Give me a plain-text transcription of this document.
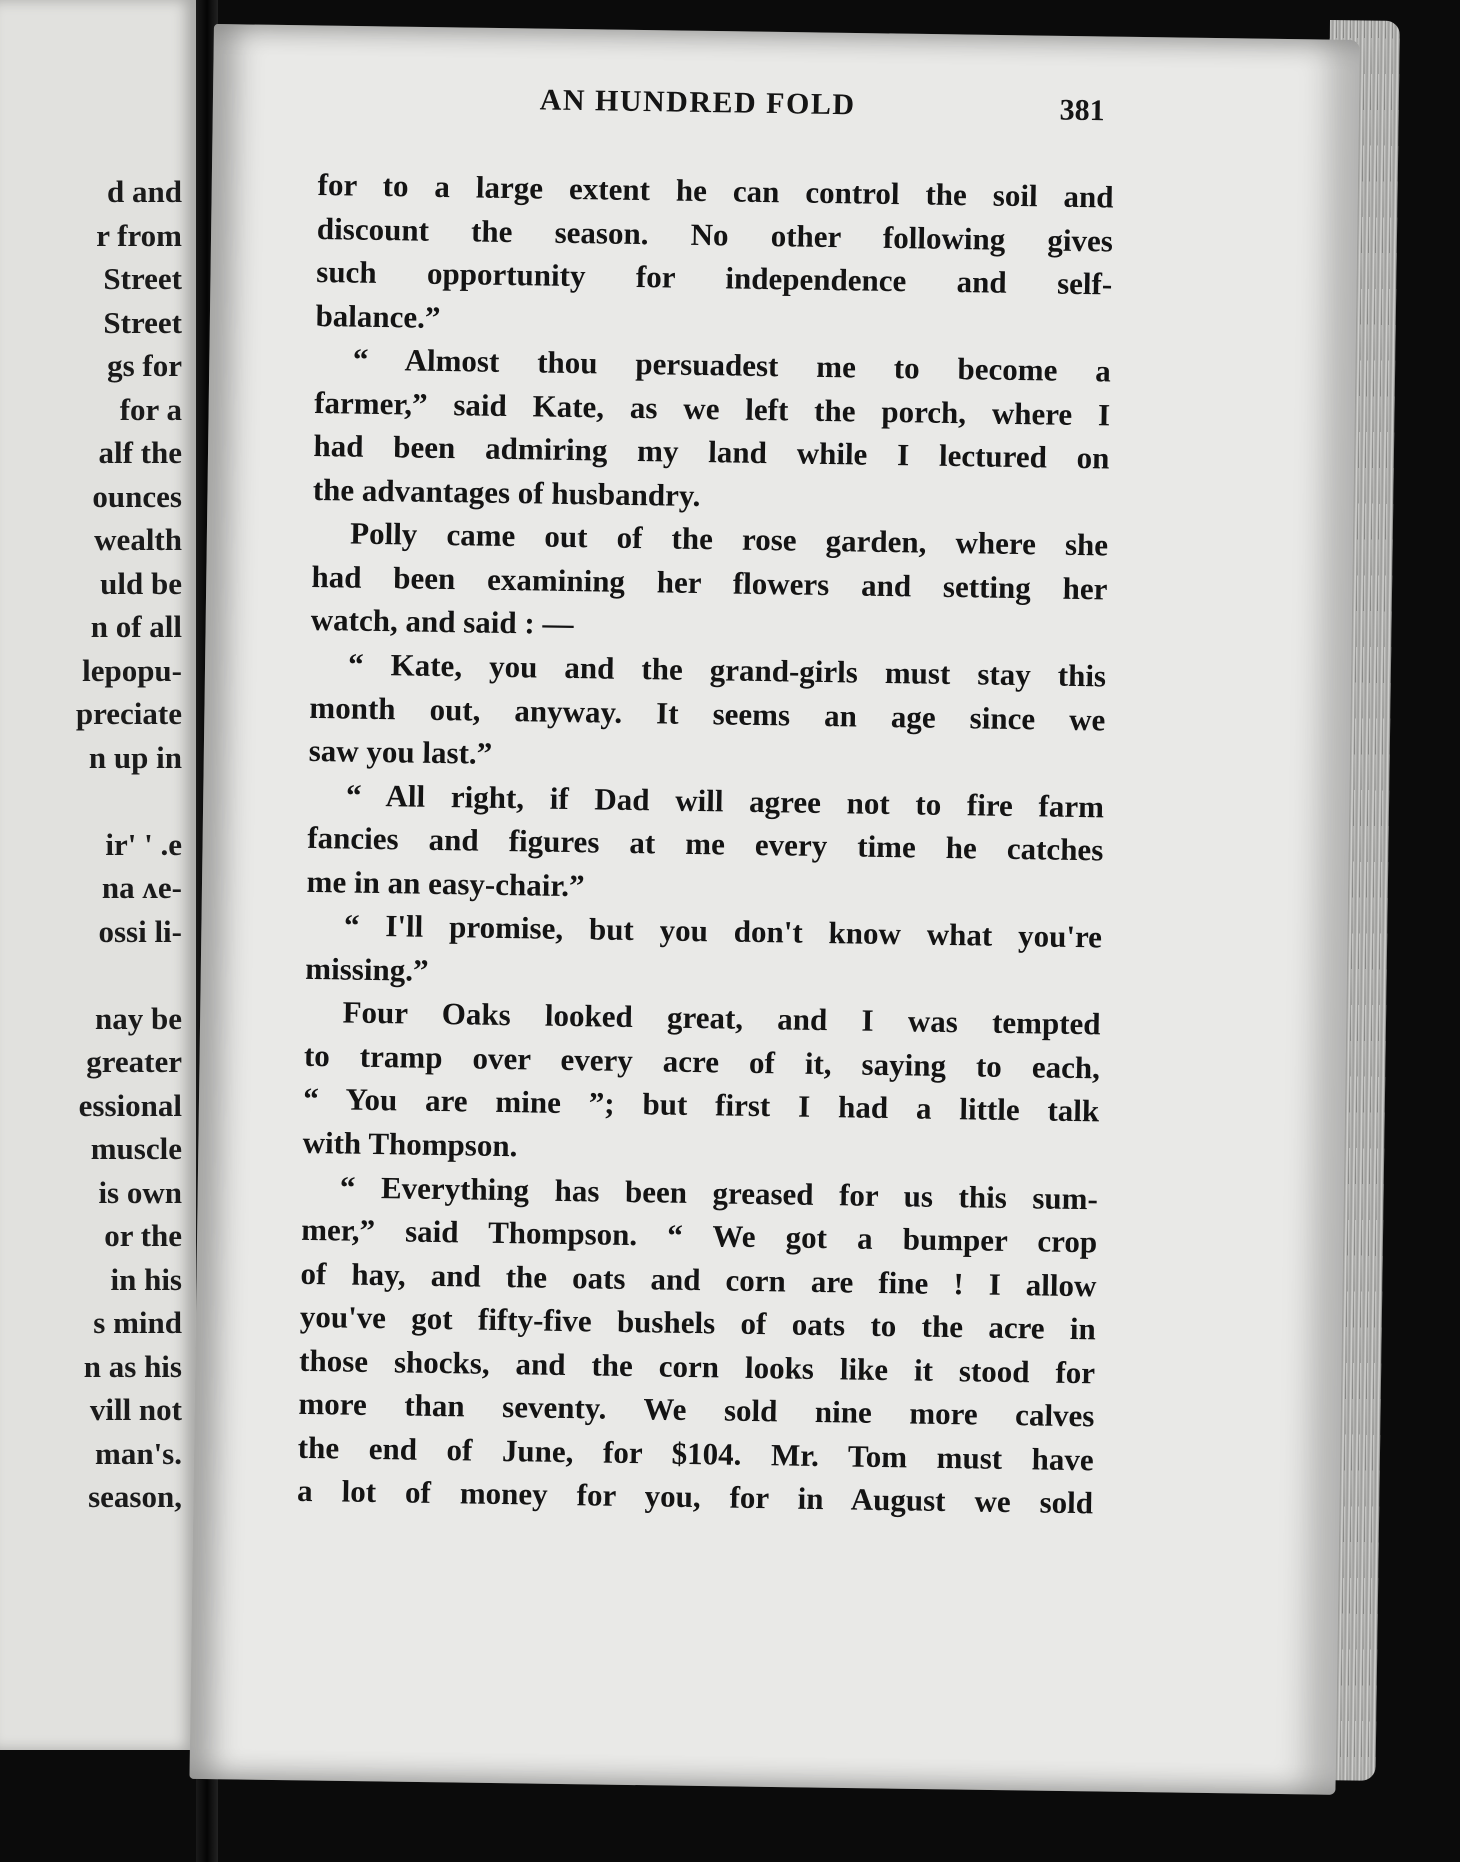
d and
r from
Street
Street
gs for
for a
alf the
ounces
wealth
uld be
n of all
lepopu-
preciate
n up in
ir' ' .e
na ʌe-
ossi li-
nay be
greater
essional
muscle
is own
or the
in his
s mind
n as his
vill not
man's.
season,
AN HUNDRED FOLD	381
for to a large extent he can control the soil and
discount the season. No other following gives
such opportunity for independence and self-
balance.”
“ Almost thou persuadest me to become a
farmer,” said Kate, as we left the porch, where I
had been admiring my land while I lectured on
the advantages of husbandry.
Polly came out of the rose garden, where she
had been examining her flowers and setting her
watch, and said : —
“ Kate, you and the grand-girls must stay this
month out, anyway. It seems an age since we
saw you last.”
“ All right, if Dad will agree not to fire farm
fancies and figures at me every time he catches
me in an easy-chair.”
“ I'll promise, but you don't know what you're
missing.”
Four Oaks looked great, and I was tempted
to tramp over every acre of it, saying to each,
“ You are mine ”; but first I had a little talk
with Thompson.
“ Everything has been greased for us this sum-
mer,” said Thompson. “ We got a bumper crop
of hay, and the oats and corn are fine ! I allow
you've got fifty-five bushels of oats to the acre in
those shocks, and the corn looks like it stood for
more than seventy. We sold nine more calves
the end of June, for $104. Mr. Tom must have
a lot of money for you, for in August we sold
